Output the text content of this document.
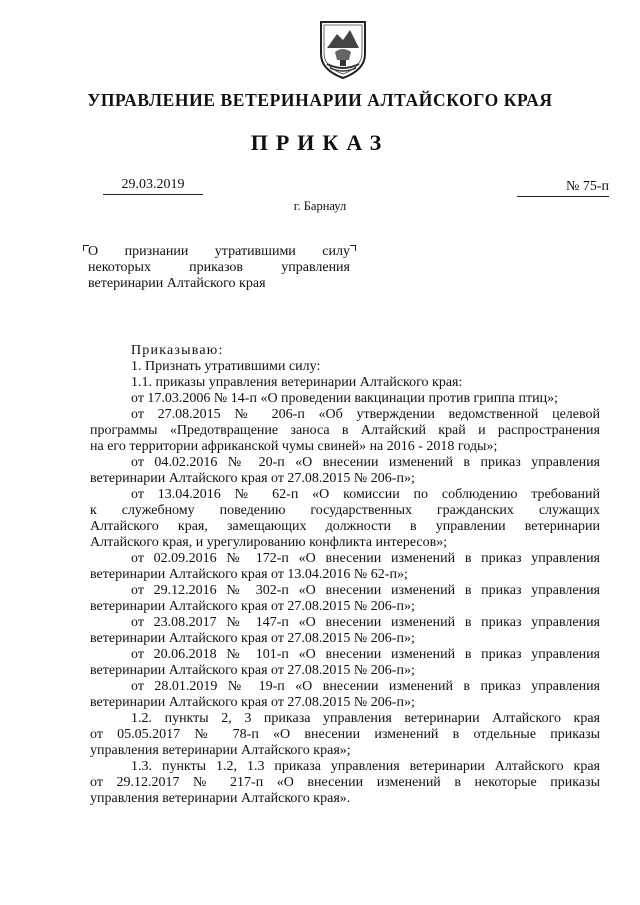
УПРАВЛЕНИЕ ВЕТЕРИНАРИИ АЛТАЙСКОГО КРАЯ
ПРИКАЗ
29.03.2019	№ 75-п
г. Барнаул
О признании утратившими силу
некоторых приказов управления
ветеринарии Алтайского края
Приказываю:
1. Признать утратившими силу:
1.1. приказы управления ветеринарии Алтайского края:
от 17.03.2006 № 14-п «О проведении вакцинации против гриппа птиц»;
от 27.08.2015 № 206-п «Об утверждении ведомственной целевой
программы «Предотвращение заноса в Алтайский край и распространения
на его территории африканской чумы свиней» на 2016 - 2018 годы»;
от 04.02.2016 № 20-п «О внесении изменений в приказ управления
ветеринарии Алтайского края от 27.08.2015 № 206-п»;
от 13.04.2016 № 62-п «О комиссии по соблюдению требований
к служебному поведению государственных гражданских служащих
Алтайского края, замещающих должности в управлении ветеринарии
Алтайского края, и урегулированию конфликта интересов»;
от 02.09.2016 № 172-п «О внесении изменений в приказ управления
ветеринарии Алтайского края от 13.04.2016 № 62-п»;
от 29.12.2016 № 302-п «О внесении изменений в приказ управления
ветеринарии Алтайского края от 27.08.2015 № 206-п»;
от 23.08.2017 № 147-п «О внесении изменений в приказ управления
ветеринарии Алтайского края от 27.08.2015 № 206-п»;
от 20.06.2018 № 101-п «О внесении изменений в приказ управления
ветеринарии Алтайского края от 27.08.2015 № 206-п»;
от 28.01.2019 № 19-п «О внесении изменений в приказ управления
ветеринарии Алтайского края от 27.08.2015 № 206-п»;
1.2. пункты 2, 3 приказа управления ветеринарии Алтайского края
от 05.05.2017 № 78-п «О внесении изменений в отдельные приказы
управления ветеринарии Алтайского края»;
1.3. пункты 1.2, 1.3 приказа управления ветеринарии Алтайского края
от 29.12.2017 № 217-п «О внесении изменений в некоторые приказы
управления ветеринарии Алтайского края».
